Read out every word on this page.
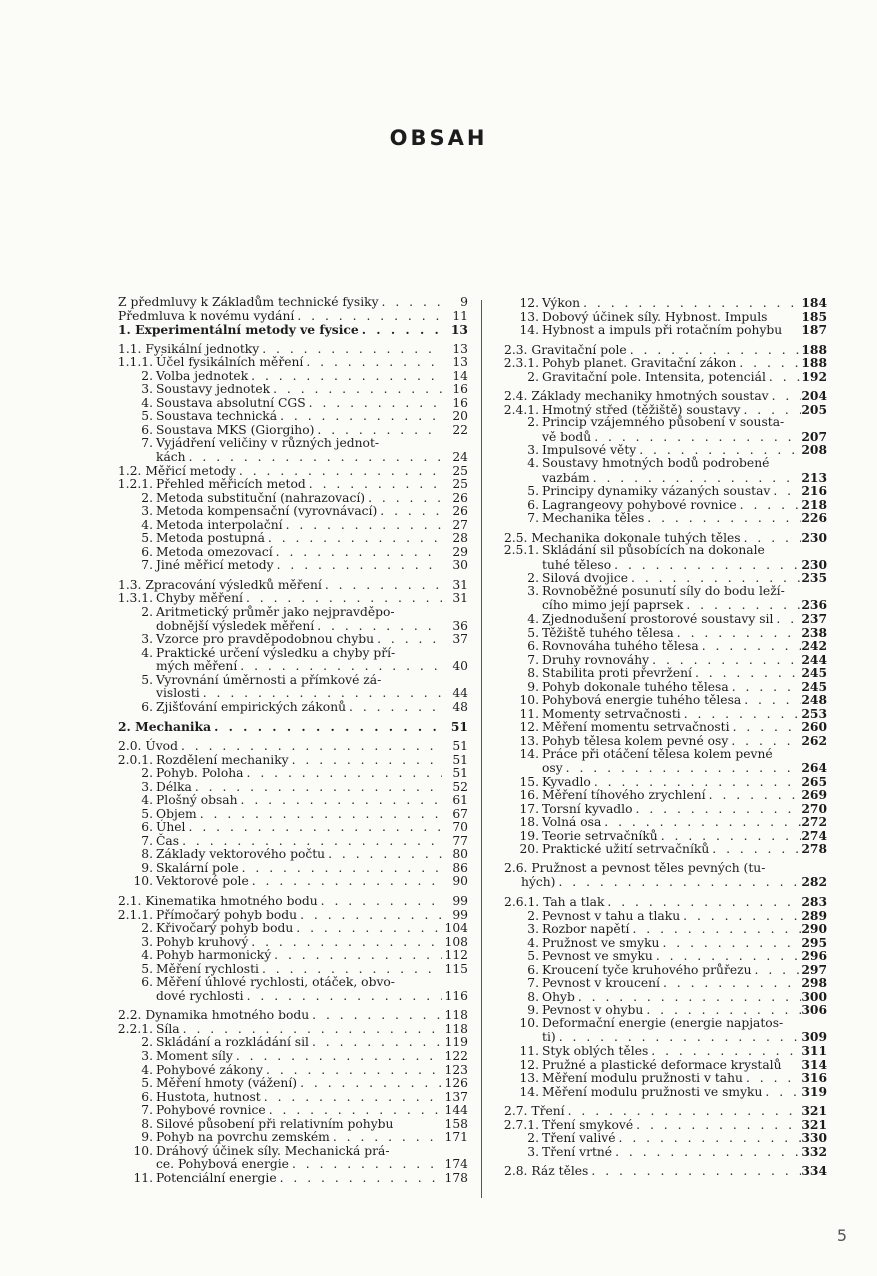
OBSAH
Z předmluvy k Základům technické fysiky . . .	9
Předmluva k novému vydání . . .	11
1. Experimentální metody ve fysice . . .	13
1.1. Fysikální jednotky . . .	13
1.1.1. Účel fysikálních měření . . .	13
2. Volba jednotek . . .	14
3. Soustavy jednotek . . .	16
4. Soustava absolutní CGS . . .	16
5. Soustava technická . . .	20
6. Soustava MKS (Giorgiho) . . .	22
7. Vyjádření veličiny v různých jednot-
kách . . .	24
1.2. Měřicí metody . . .	25
1.2.1. Přehled měřicích metod . . .	25
2. Metoda substituční (nahrazovací) . . .	26
3. Metoda kompensační (vyrovnávací) . . .	26
4. Metoda interpolační . . .	27
5. Metoda postupná . . .	28
6. Metoda omezovací . . .	29
7. Jiné měřicí metody . . .	30
1.3. Zpracování výsledků měření . . .	31
1.3.1. Chyby měření . . .	31
2. Aritmetický průměr jako nejpravděpo-
dobnější výsledek měření . . .	36
3. Vzorce pro pravděpodobnou chybu . . .	37
4. Praktické určení výsledku a chyby pří-
mých měření . . .	40
5. Vyrovnání úměrnosti a přímkové zá-
vislosti . . .	44
6. Zjišťování empirických zákonů . . .	48
2. Mechanika . . .	51
2.0. Úvod . . .	51
2.0.1. Rozdělení mechaniky . . .	51
2. Pohyb. Poloha . . .	51
3. Délka . . .	52
4. Plošný obsah . . .	61
5. Objem . . .	67
6. Úhel . . .	70
7. Čas . . .	77
8. Základy vektorového počtu . . .	80
9. Skalární pole . . .	86
10. Vektorové pole . . .	90
2.1. Kinematika hmotného bodu . . .	99
2.1.1. Přímočarý pohyb bodu . . .	99
2. Křivočarý pohyb bodu . . .	104
3. Pohyb kruhový . . .	108
4. Pohyb harmonický . . .	112
5. Měření rychlosti . . .	115
6. Měření úhlové rychlosti, otáček, obvo-
dové rychlosti . . .	116
2.2. Dynamika hmotného bodu . . .	118
2.2.1. Síla . . .	118
2. Skládání a rozkládání sil . . .	119
3. Moment síly . . .	122
4. Pohybové zákony . . .	123
5. Měření hmoty (vážení) . . .	126
6. Hustota, hutnost . . .	137
7. Pohybové rovnice . . .	144
8. Silové působení při relativním pohybu	158
9. Pohyb na povrchu zemském . . .	171
10. Dráhový účinek síly. Mechanická prá-
ce. Pohybová energie . . .	174
11. Potenciální energie . . .	178
12. Výkon . . .	184
13. Dobový účinek síly. Hybnost. Impuls	185
14. Hybnost a impuls při rotačním pohybu 187
2.3. Gravitační pole . . .	188
2.3.1. Pohyb planet. Gravitační zákon . . .	188
2. Gravitační pole. Intensita, potenciál . . .	192
2.4. Základy mechaniky hmotných soustav . . .	204
2.4.1. Hmotný střed (těžiště) soustavy . . .	205
2. Princip vzájemného působení v sousta-
vě bodů . . .	207
3. Impulsové věty . . .	208
4. Soustavy hmotných bodů podrobené
vazbám . . .	213
5. Principy dynamiky vázaných soustav . . .	216
6. Lagrangeovy pohybové rovnice . . .	218
7. Mechanika těles . . .	226
2.5. Mechanika dokonale tuhých těles . . .	230
2.5.1. Skládání sil působících na dokonale
tuhé těleso . . .	230
2. Silová dvojice . . .	235
3. Rovnoběžné posunutí síly do bodu leží-
cího mimo její paprsek . . .	236
4. Zjednodušení prostorové soustavy sil . . . 237
5. Těžiště tuhého tělesa . . .	238
6. Rovnováha tuhého tělesa . . .	242
7. Druhy rovnováhy . . .	244
8. Stabilita proti převržení . . .	245
9. Pohyb dokonale tuhého tělesa . . .	245
10. Pohybová energie tuhého tělesa . . .	248
11. Momenty setrvačnosti . . .	253
12. Měření momentu setrvačnosti . . .	260
13. Pohyb tělesa kolem pevné osy . . .	262
14. Práce při otáčení tělesa kolem pevné
osy . . .	264
15. Kyvadlo . . .	265
16. Měření tíhového zrychlení . . .	269
17. Torsní kyvadlo . . .	270
18. Volná osa . . .	272
19. Teorie setrvačníků . . .	274
20. Praktické užití setrvačníků . . .	278
2.6. Pružnost a pevnost těles pevných (tu-
hých) . . .	282
2.6.1. Tah a tlak . . .	283
2. Pevnost v tahu a tlaku . . .	289
3. Rozbor napětí . . .	290
4. Pružnost ve smyku . . .	295
5. Pevnost ve smyku . . .	296
6. Kroucení tyče kruhového průřezu . . .	297
7. Pevnost v kroucení . . .	298
8. Ohyb . . .	300
9. Pevnost v ohybu . . .	306
10. Deformační energie (energie napjatos-
ti) . . .	309
11. Styk oblých těles . . .	311
12. Pružné a plastické deformace krystalů 314
13. Měření modulu pružnosti v tahu . . .	316
14. Měření modulu pružnosti ve smyku . . .	319
2.7. Tření . . .	321
2.7.1. Tření smykové . . .	321
2. Tření valivé . . .	330
3. Tření vrtné . . .	332
2.8. Ráz těles . . .	334
5
